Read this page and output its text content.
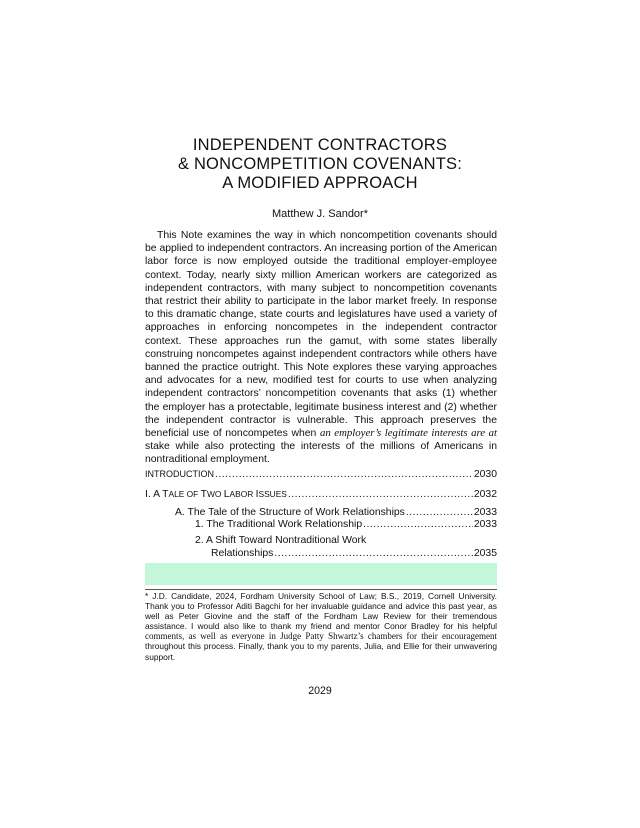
INDEPENDENT CONTRACTORS
& NONCOMPETITION COVENANTS:
A MODIFIED APPROACH
Matthew J. Sandor*

This Note examines the way in which noncompetition covenants should be applied to independent contractors. An increasing portion of the American labor force is now employed outside the traditional employer-employee context. Today, nearly sixty million American workers are categorized as independent contractors, with many subject to noncompetition covenants that restrict their ability to participate in the labor market freely. In response to this dramatic change, state courts and legislatures have used a variety of approaches in enforcing noncompetes in the independent contractor context. These approaches run the gamut, with some states liberally construing noncompetes against independent contractors while others have banned the practice outright. This Note explores these varying approaches and advocates for a new, modified test for courts to use when analyzing independent contractors’ noncompetition covenants that asks (1) whether the employer has a protectable, legitimate business interest and (2) whether the independent contractor is vulnerable. This approach preserves the beneficial use of noncompetes when an employer’s legitimate interests are at stake while also protecting the interests of the millions of Americans in nontraditional employment.

INTRODUCTION .....	2030
I. A TALE OF TWO LABOR ISSUES .....	2032
A. The Tale of the Structure of Work Relationships .....	2033
1. The Traditional Work Relationship .....	2033
2. A Shift Toward Nontraditional Work
Relationships .....	2035
* J.D. Candidate, 2024, Fordham University School of Law; B.S., 2019, Cornell University. Thank you to Professor Aditi Bagchi for her invaluable guidance and advice this past year, as well as Peter Giovine and the staff of the Fordham Law Review for their tremendous assistance. I would also like to thank my friend and mentor Conor Bradley for his helpful comments, as well as everyone in Judge Patty Shwartz’s chambers for their encouragement throughout this process. Finally, thank you to my parents, Julia, and Ellie for their unwavering support.
2029
